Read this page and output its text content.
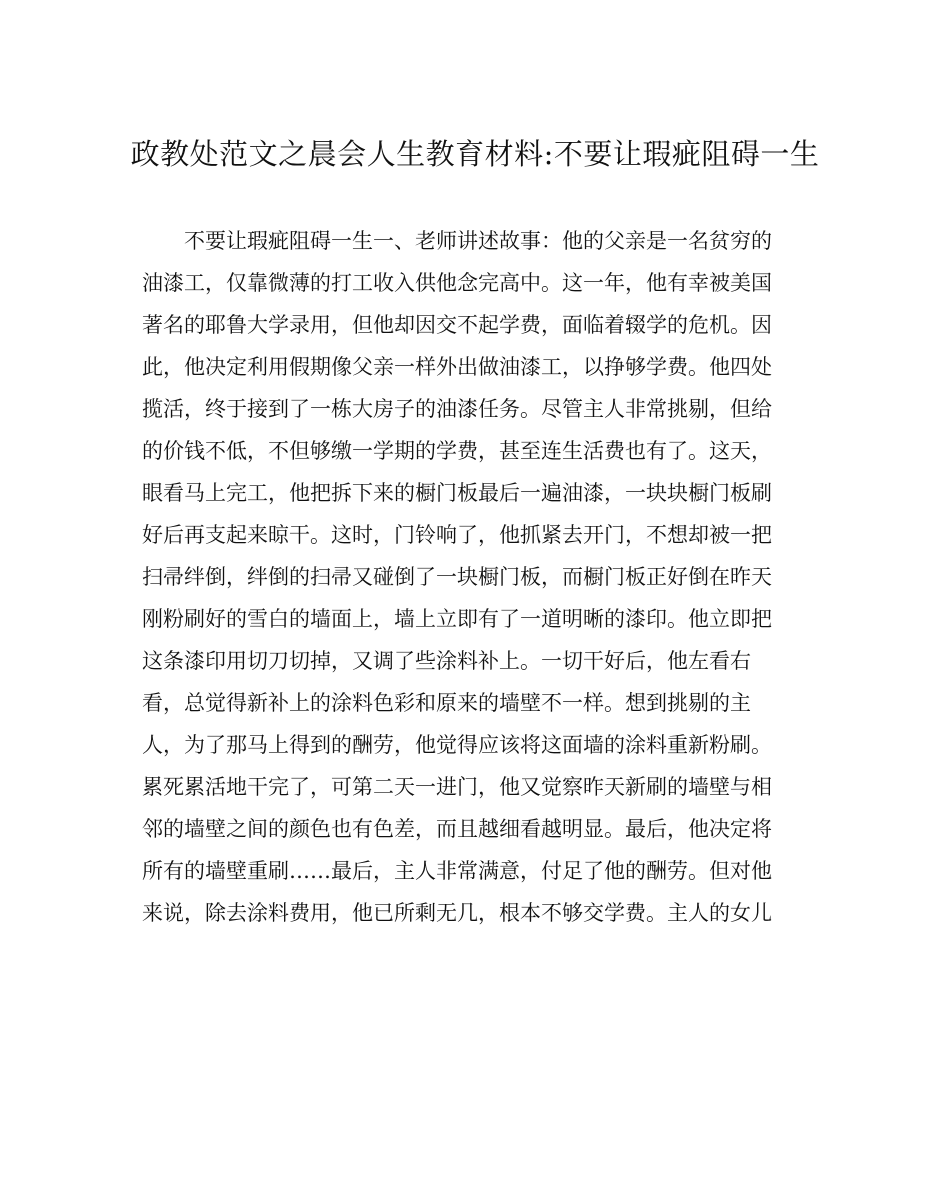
政教处范文之晨会人生教育材料:不要让瑕疵阻碍一生
不要让瑕疵阻碍一生一、老师讲述故事：他的父亲是一名贫穷的
油漆工，仅靠微薄的打工收入供他念完高中。这一年，他有幸被美国
著名的耶鲁大学录用，但他却因交不起学费，面临着辍学的危机。因
此，他决定利用假期像父亲一样外出做油漆工，以挣够学费。他四处
揽活，终于接到了一栋大房子的油漆任务。尽管主人非常挑剔，但给
的价钱不低，不但够缴一学期的学费，甚至连生活费也有了。这天，
眼看马上完工，他把拆下来的橱门板最后一遍油漆，一块块橱门板刷
好后再支起来晾干。这时，门铃响了，他抓紧去开门，不想却被一把
扫帚绊倒，绊倒的扫帚又碰倒了一块橱门板，而橱门板正好倒在昨天
刚粉刷好的雪白的墙面上，墙上立即有了一道明晰的漆印。他立即把
这条漆印用切刀切掉，又调了些涂料补上。一切干好后，他左看右
看，总觉得新补上的涂料色彩和原来的墙壁不一样。想到挑剔的主
人，为了那马上得到的酬劳，他觉得应该将这面墙的涂料重新粉刷。
累死累活地干完了，可第二天一进门，他又觉察昨天新刷的墙壁与相
邻的墙壁之间的颜色也有色差，而且越细看越明显。最后，他决定将
所有的墙壁重刷……最后，主人非常满意，付足了他的酬劳。但对他
来说，除去涂料费用，他已所剩无几，根本不够交学费。主人的女儿
